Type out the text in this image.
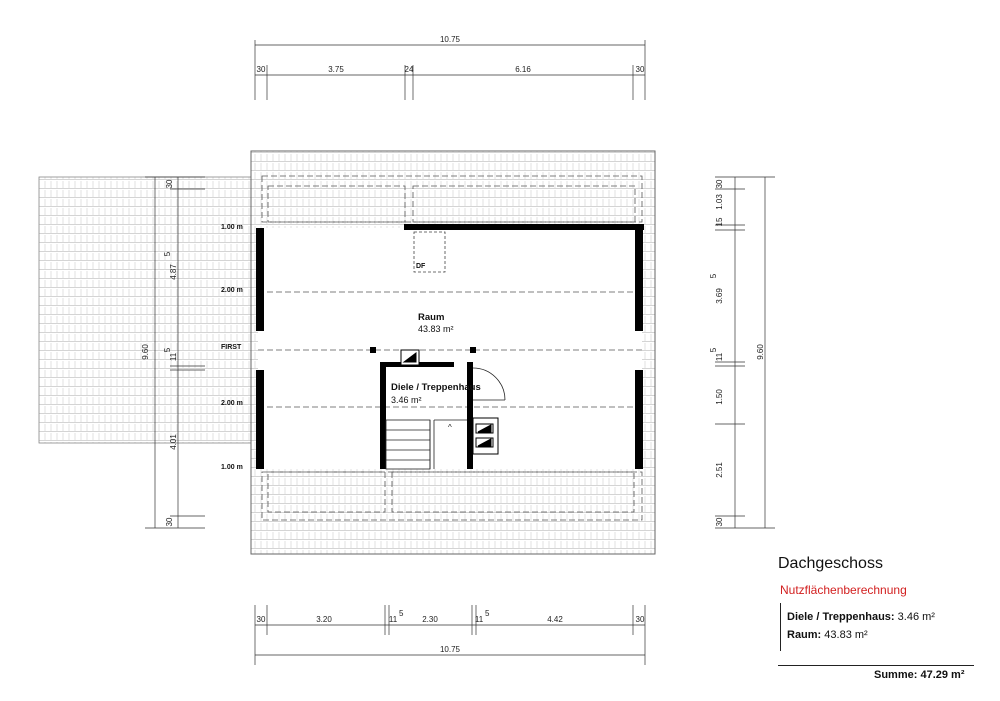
10.75
30	3.75	24	6.16	30
30	3.20	11
5
2.30	11
5
4.42	30
10.75
9.60
30
15
1.03
3.69
5
11
5
1.50
2.51
30
9.60
30
4.87
5
11
5
4.01
30
1.00 m
2.00 m
FIRST
2.00 m
1.00 m
Raum
43.83 m²
Diele / Treppenhaus
3.46 m²
DF
^
Dachgeschoss
Nutzflächenberechnung
Diele / Treppenhaus: 3.46 m²
Raum: 43.83 m²
Summe: 47.29 m²
